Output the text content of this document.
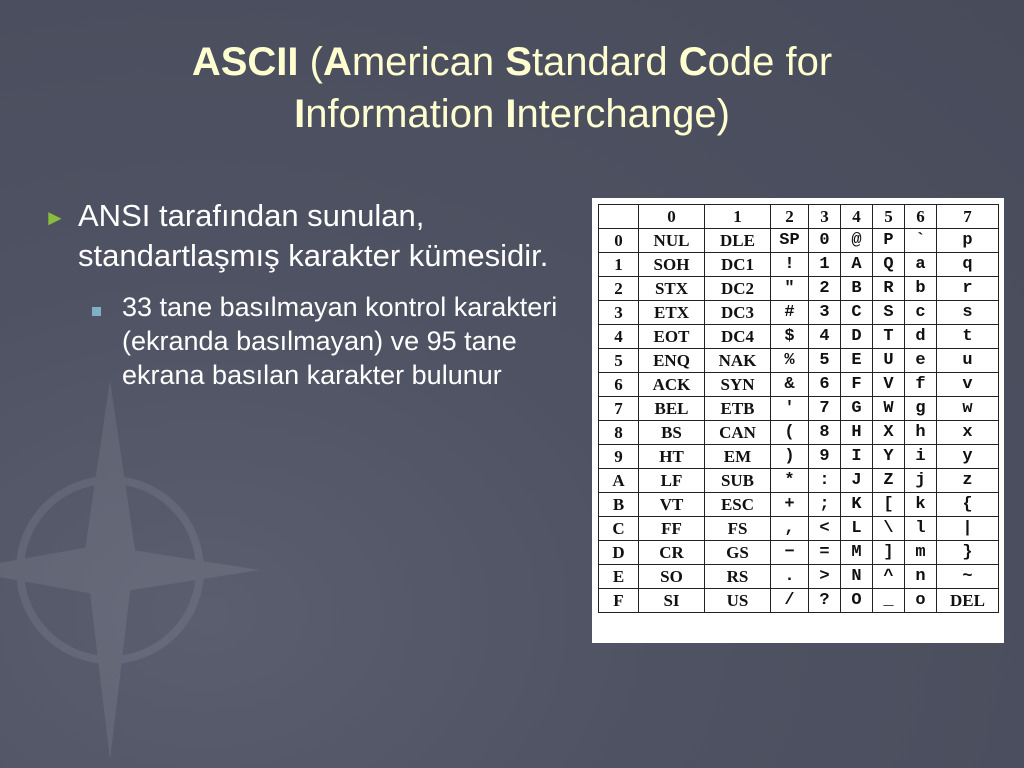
ASCII (American Standard Code for
Information Interchange)
► ANSI tarafından sunulan, standartlaşmış karakter kümesidir.
33 tane basılmayan kontrol karakteri (ekranda basılmayan) ve 95 tane ekrana basılan karakter bulunur
	0	1	2	3	4	5	6	7
0	NUL	DLE	SP	0	@	P	`	p
1	SOH	DC1	!	1	A	Q	a	q
2	STX	DC2	"	2	B	R	b	r
3	ETX	DC3	#	3	C	S	c	s
4	EOT	DC4	$	4	D	T	d	t
5	ENQ	NAK	%	5	E	U	e	u
6	ACK	SYN	&	6	F	V	f	v
7	BEL	ETB	'	7	G	W	g	w
8	BS	CAN	(	8	H	X	h	x
9	HT	EM	)	9	I	Y	i	y
A	LF	SUB	*	:	J	Z	j	z
B	VT	ESC	+	;	K	[	k	{
C	FF	FS	,	<	L	\	l	|
D	CR	GS	−	=	M	]	m	}
E	SO	RS	.	>	N	^	n	~
F	SI	US	/	?	O	_	o	DEL
